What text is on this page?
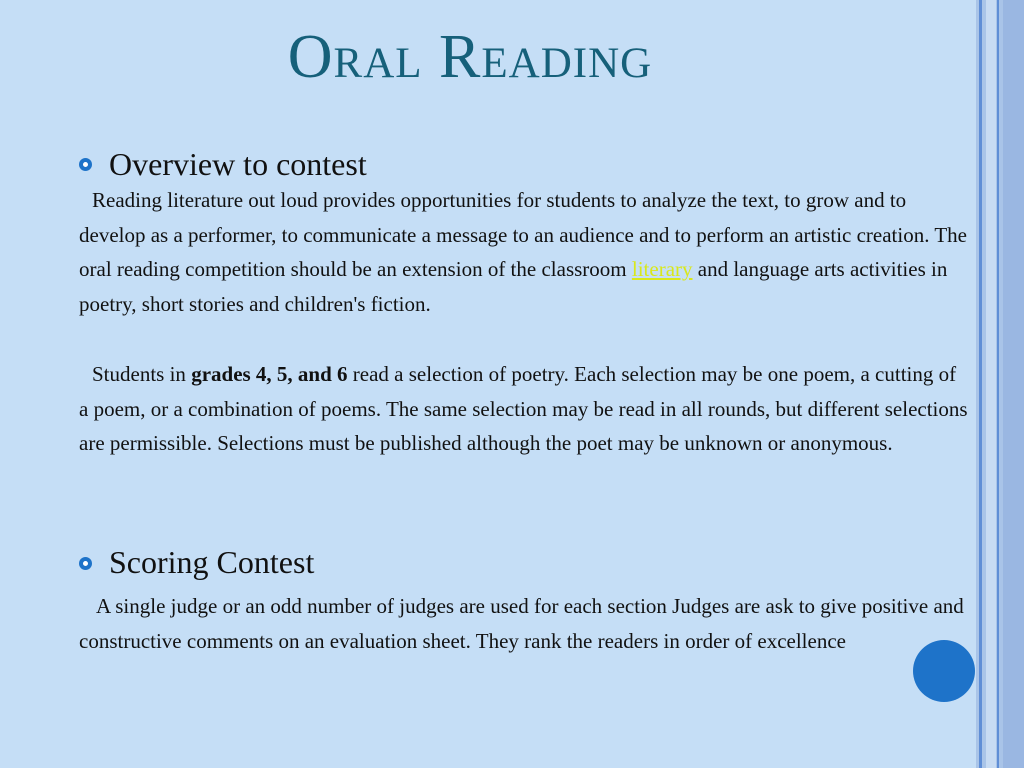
Oral Reading
Overview to contest

Reading literature out loud provides opportunities for students to analyze the text, to grow and to develop as a performer, to communicate a message to an audience and to perform an artistic creation. The oral reading competition should be an extension of the classroom literary and language arts activities in poetry, short stories and children's fiction.

Students in grades 4, 5, and 6 read a selection of poetry. Each selection may be one poem, a cutting of a poem, or a combination of poems. The same selection may be read in all rounds, but different selections are permissible. Selections must be published although the poet may be unknown or anonymous.

Scoring Contest

A single judge or an odd number of judges are used for each section Judges are ask to give positive and constructive comments on an evaluation sheet. They rank the readers in order of excellence
